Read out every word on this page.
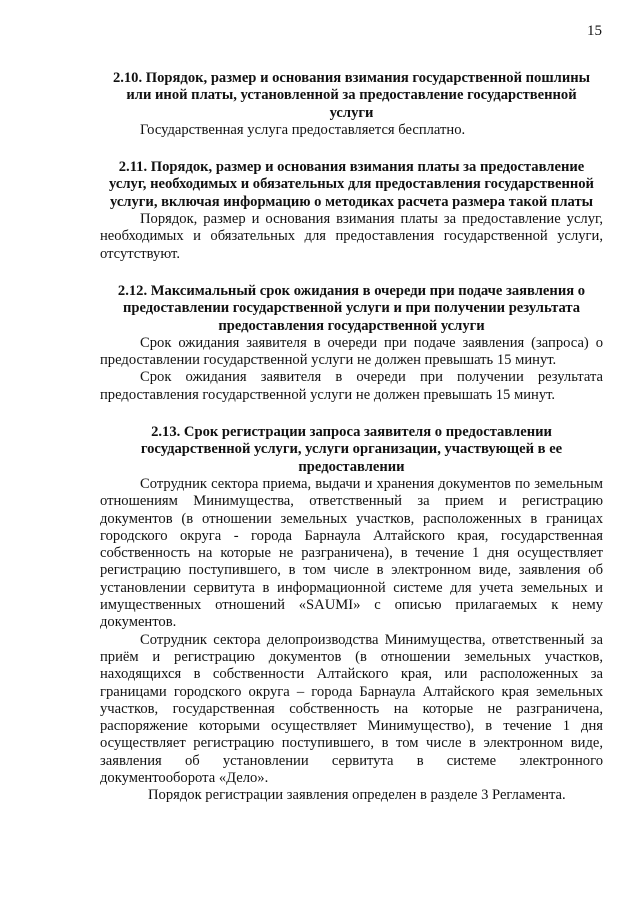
15

2.10. Порядок, размер и основания взимания государственной пошлины или иной платы, установленной за предоставление государственной услуги

Государственная услуга предоставляется бесплатно.

2.11. Порядок, размер и основания взимания платы за предоставление услуг, необходимых и обязательных для предоставления государственной услуги, включая информацию о методиках расчета размера такой платы

Порядок, размер и основания взимания платы за предоставление услуг, необходимых и обязательных для предоставления государственной услуги, отсутствуют.

2.12. Максимальный срок ожидания в очереди при подаче заявления о предоставлении государственной услуги и при получении результата предоставления государственной услуги

Срок ожидания заявителя в очереди при подаче заявления (запроса) о предоставлении государственной услуги не должен превышать 15 минут.

Срок ожидания заявителя в очереди при получении результата предоставления государственной услуги не должен превышать 15 минут.

2.13. Срок регистрации запроса заявителя о предоставлении государственной услуги, услуги организации, участвующей в ее предоставлении

Сотрудник сектора приема, выдачи и хранения документов по земельным отношениям Минимущества, ответственный за прием и регистрацию документов (в отношении земельных участков, расположенных в границах городского округа - города Барнаула Алтайского края, государственная собственность на которые не разграничена), в течение 1 дня осуществляет регистрацию поступившего, в том числе в электронном виде, заявления об установлении сервитута в информационной системе для учета земельных и имущественных отношений «SAUMI» с описью прилагаемых к нему документов.

Сотрудник сектора делопроизводства Минимущества, ответственный за приём и регистрацию документов (в отношении земельных участков, находящихся в собственности Алтайского края, или расположенных за границами городского округа – города Барнаула Алтайского края земельных участков, государственная собственность на которые не разграничена, распоряжение которыми осуществляет Минимущество), в течение 1 дня осуществляет регистрацию поступившего, в том числе в электронном виде, заявления об установлении сервитута в системе электронного документооборота «Дело».

Порядок регистрации заявления определен в разделе 3 Регламента.
